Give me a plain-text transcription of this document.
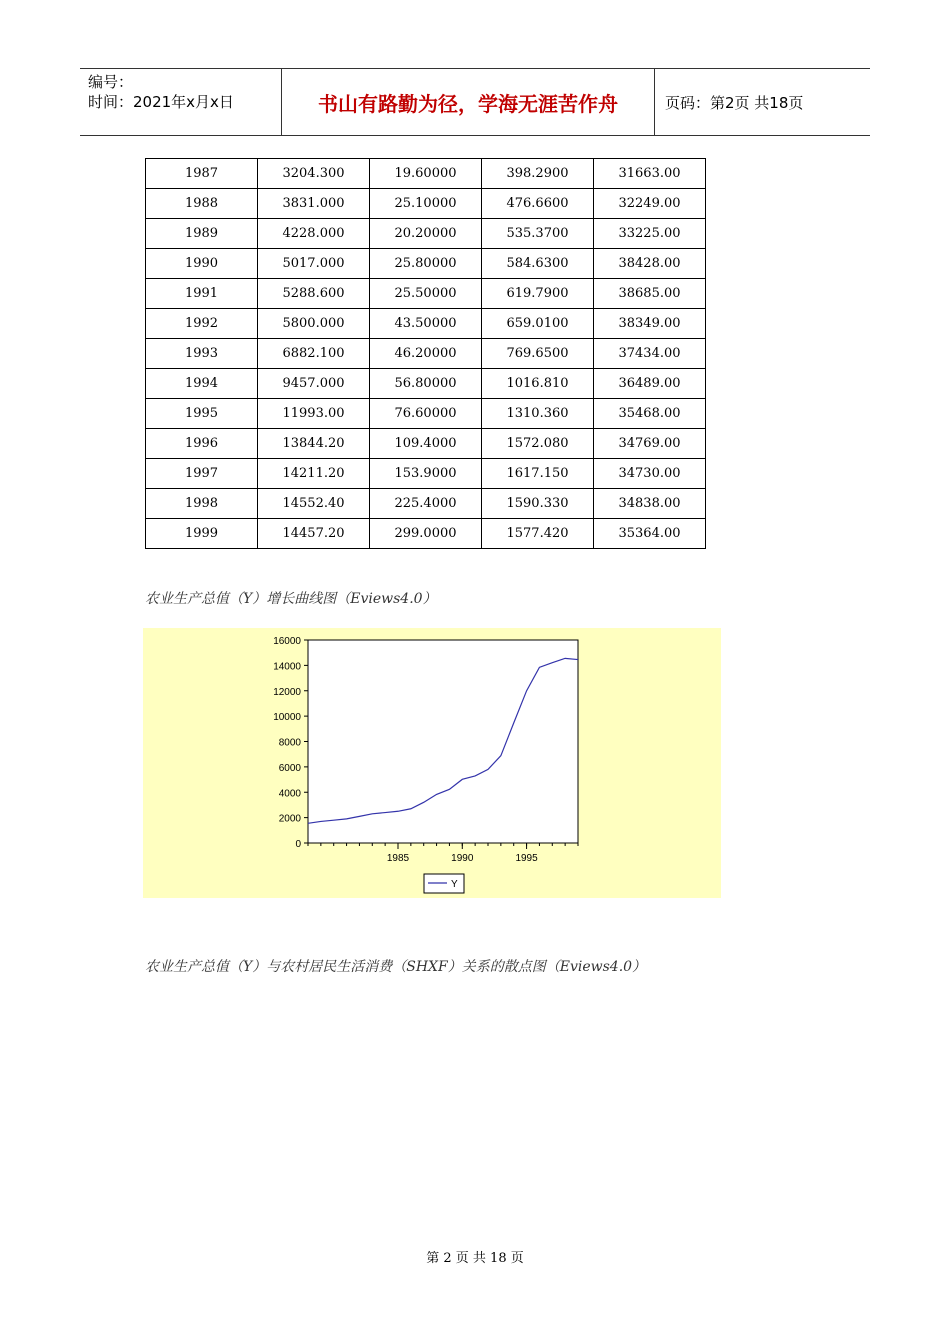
编号：
时间：2021年x月x日	书山有路勤为径，学海无涯苦作舟	页码：第2页 共18页
1987	3204.300	19.60000	398.2900	31663.00
1988	3831.000	25.10000	476.6600	32249.00
1989	4228.000	20.20000	535.3700	33225.00
1990	5017.000	25.80000	584.6300	38428.00
1991	5288.600	25.50000	619.7900	38685.00
1992	5800.000	43.50000	659.0100	38349.00
1993	6882.100	46.20000	769.6500	37434.00
1994	9457.000	56.80000	1016.810	36489.00
1995	11993.00	76.60000	1310.360	35468.00
1996	13844.20	109.4000	1572.080	34769.00
1997	14211.20	153.9000	1617.150	34730.00
1998	14552.40	225.4000	1590.330	34838.00
1999	14457.20	299.0000	1577.420	35364.00
农业生产总值（Y）增长曲线图（Eviews4.0）
0
2000
4000
6000
8000
10000
12000
14000
16000
1985	1990	1995
Y
农业生产总值（Y）与农村居民生活消费（SHXF）关系的散点图（Eviews4.0）
第 2 页 共 18 页
